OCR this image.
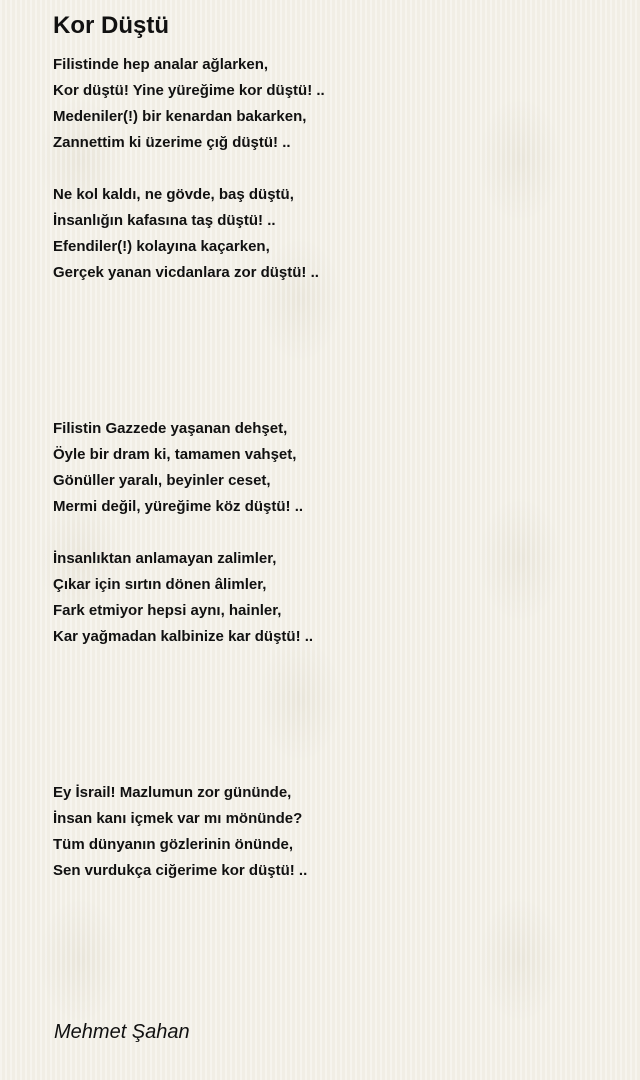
Kor Düştü
Filistinde hep analar ağlarken,
Kor düştü! Yine yüreğime kor düştü! ..
Medeniler(!) bir kenardan bakarken,
Zannettim ki üzerime çığ düştü! ..
Ne kol kaldı, ne gövde, baş düştü,
İnsanlığın kafasına taş düştü! ..
Efendiler(!) kolayına kaçarken,
Gerçek yanan vicdanlara zor düştü! ..
Filistin Gazzede yaşanan dehşet,
Öyle bir dram ki, tamamen vahşet,
Gönüller yaralı, beyinler ceset,
Mermi değil, yüreğime köz düştü! ..
İnsanlıktan anlamayan zalimler,
Çıkar için sırtın dönen âlimler,
Fark etmiyor hepsi aynı, hainler,
Kar yağmadan kalbinize kar düştü! ..
Ey İsrail! Mazlumun zor gününde,
İnsan kanı içmek var mı mönünde?
Tüm dünyanın gözlerinin önünde,
Sen vurdukça ciğerime kor düştü! ..
Mehmet Şahan
